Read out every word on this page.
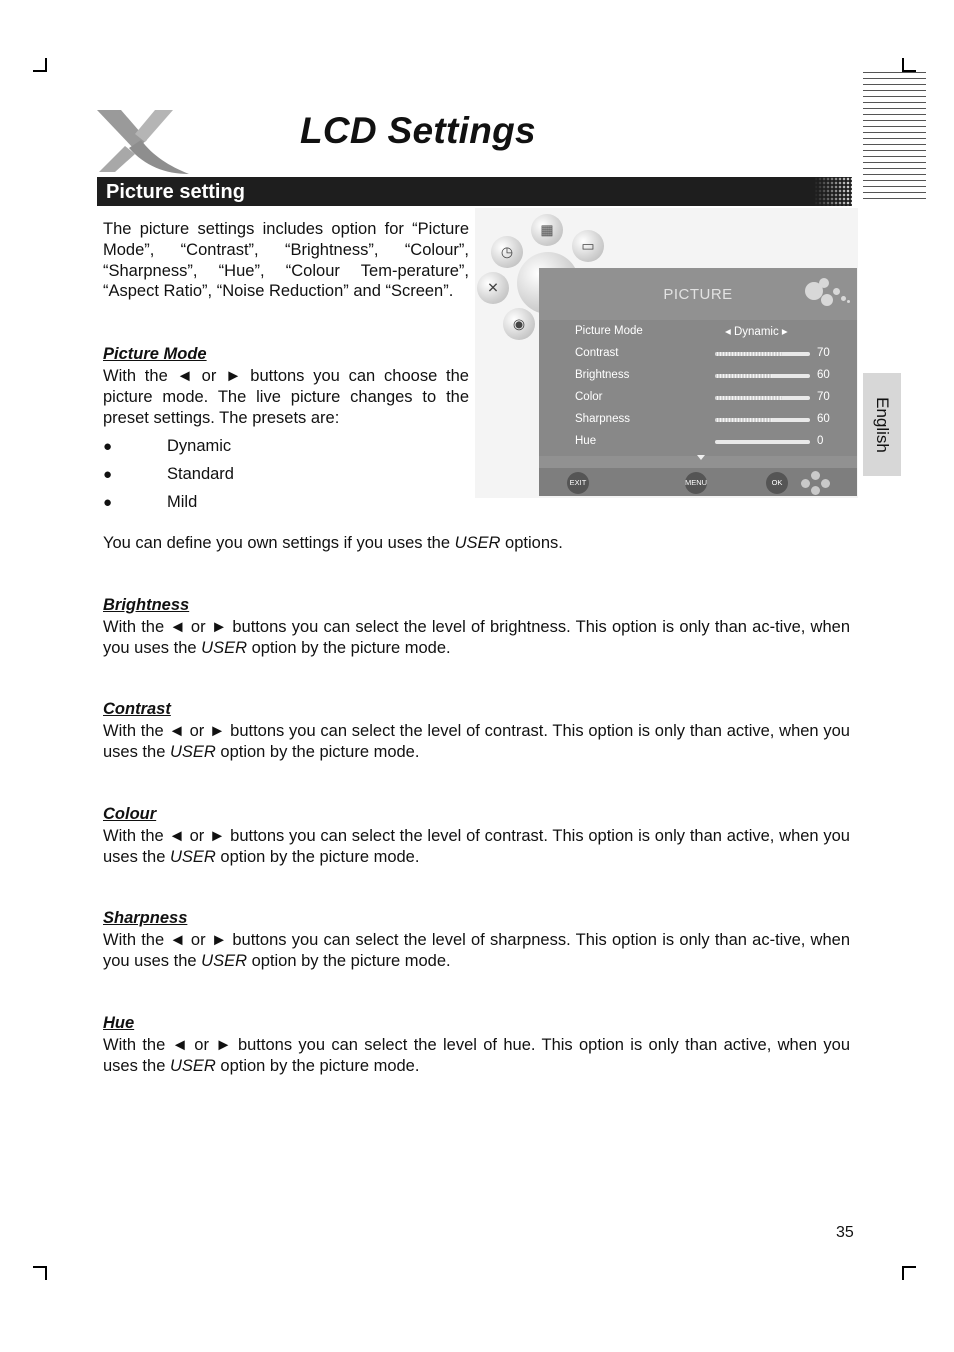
LCD Settings
Picture setting
The picture settings includes option for “Picture Mode”, “Contrast”, “Brightness”, “Colour”, “Sharpness”, “Hue”, “Colour Tem-perature”, “Aspect Ratio”, “Noise Reduction” and “Screen”.
Picture Mode
With the ◄ or ► buttons you can choose the picture mode. The live picture changes to the preset settings. The presets are:
●	Dynamic
●	Standard
●	Mild
You can define you own settings if you uses the USER options.
Brightness
With the ◄ or ► buttons you can select the level of brightness. This option is only than ac-tive, when you uses the USER option by the picture mode.
Contrast
With the ◄ or ► buttons you can select the level of contrast. This option is only than active, when you uses the USER option by the picture mode.
Colour
With the ◄ or ► buttons you can select the level of contrast. This option is only than active, when you uses the USER option by the picture mode.
Sharpness
With the ◄ or ► buttons you can select the level of sharpness. This option is only than ac-tive, when you uses the USER option by the picture mode.
Hue
With the ◄ or ► buttons you can select the level of hue. This option is only than active, when you uses the USER option by the picture mode.
English
35
▦
◷	▭
✕
◉
PICTURE
Picture Mode	◂ Dynamic ▸
Contrast	70
Brightness	60
Color	70
Sharpness	60
Hue	0
EXIT	MENU	OK
